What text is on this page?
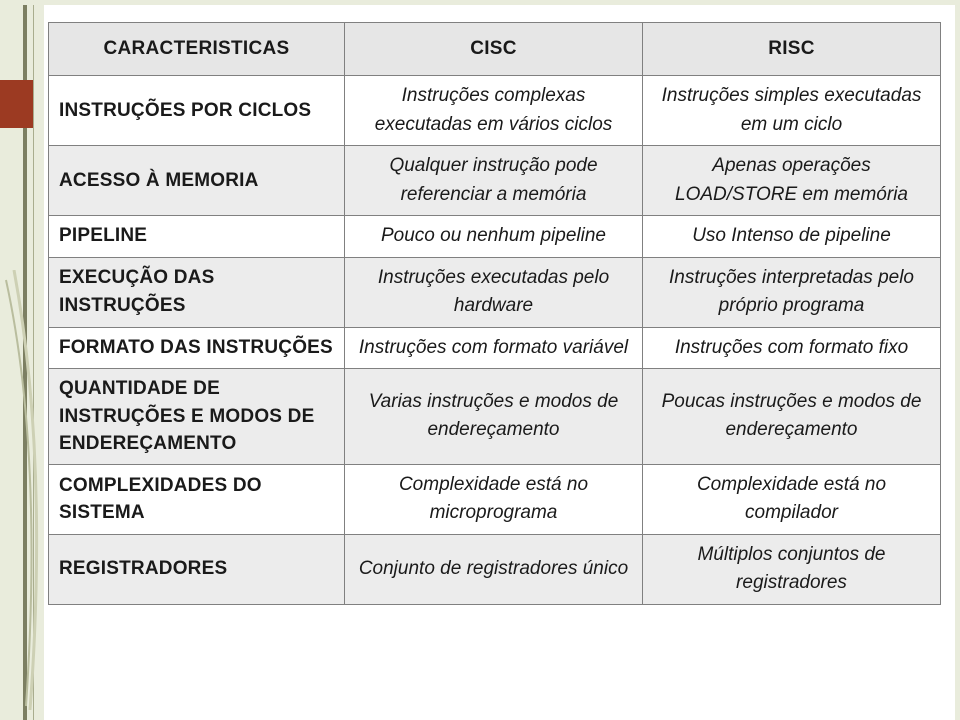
CARACTERISTICAS	CISC	RISC
INSTRUÇÕES POR CICLOS	Instruções complexas executadas em vários ciclos	Instruções simples executadas em um ciclo
ACESSO À MEMORIA	Qualquer instrução pode referenciar a memória	Apenas operações LOAD/STORE em memória
PIPELINE	Pouco ou nenhum pipeline	Uso Intenso de pipeline
EXECUÇÃO DAS INSTRUÇÕES	Instruções executadas pelo hardware	Instruções interpretadas pelo próprio programa
FORMATO DAS INSTRUÇÕES	Instruções com formato variável	Instruções com formato fixo
QUANTIDADE DE INSTRUÇÕES E MODOS DE ENDEREÇAMENTO	Varias instruções e modos de endereçamento	Poucas instruções e modos de endereçamento
COMPLEXIDADES DO SISTEMA	Complexidade está no microprograma	Complexidade está no compilador
REGISTRADORES	Conjunto de registradores único	Múltiplos conjuntos de registradores
